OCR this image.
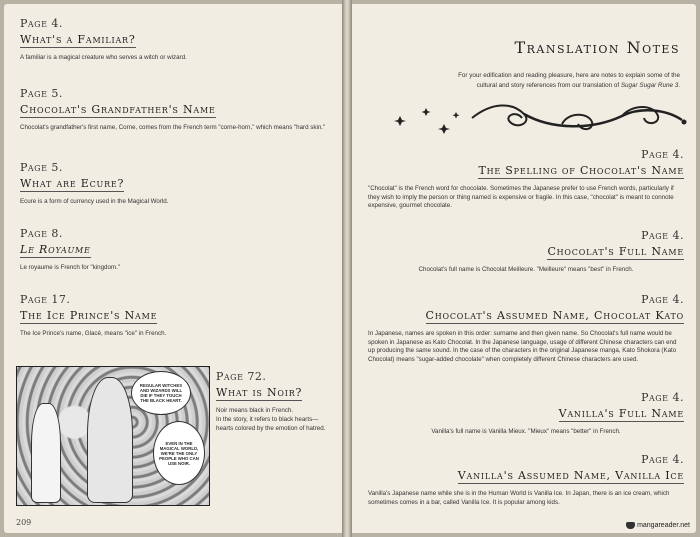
Page 4.
What's a Familiar?
A familiar is a magical creature who serves a witch or wizard.
Page 5.
Chocolat's Grandfather's Name
Chocolat's grandfather's first name, Corne, comes from the French term "corne-horn," which means "hard skin."
Page 5.
What are Ecure?
Ecure is a form of currency used in the Magical World.
Page 8.
Le Royaume
Le royaume is French for "kingdom."
Page 17.
The Ice Prince's Name
The Ice Prince's name, Glacé, means "ice" in French.
REGULAR WITCHES AND WIZARDS WILL DIE IF THEY TOUCH THE BLACK HEART.
EVEN IN THE MAGICAL WORLD, WE'RE THE ONLY PEOPLE WHO CAN USE NOIR.
Page 72.
What is Noir?
Noir means black in French.
In the story, it refers to black hearts—
hearts colored by the emotion of hatred.
209
Translation Notes
For your edification and reading pleasure, here are notes to explain some of the
cultural and story references from our translation of Sugar Sugar Rune 3.
Page 4.
The Spelling of Chocolat's Name
"Chocolat" is the French word for chocolate. Sometimes the Japanese prefer to use French words, particularly if they wish to imply the person or thing named is expensive or fragile. In this case, "chocolat" is meant to connote expensive, gourmet chocolate.
Page 4.
Chocolat's Full Name
Chocolat's full name is Chocolat Meilleure. "Meilleure" means "best" in French.
Page 4.
Chocolat's Assumed Name, Chocolat Kato
In Japanese, names are spoken in this order: surname and then given name. So Chocolat's full name would be spoken in Japanese as Kato Chocolat. In the Japanese language, usage of different Chinese characters can end up producing the same sound. In the case of the characters in the original Japanese manga, Kato Shokora (Kato Chocolat) means "sugar-added chocolate" when completely different Chinese characters are used.
Page 4.
Vanilla's Full Name
Vanilla's full name is Vanilla Mieux. "Mieux" means "better" in French.
Page 4.
Vanilla's Assumed Name, Vanilla Ice
Vanilla's Japanese name while she is in the Human World is Vanilla Ice. In Japan, there is an ice cream, which sometimes comes in a bar, called Vanilla Ice. It is popular among kids.
mangareader.net
